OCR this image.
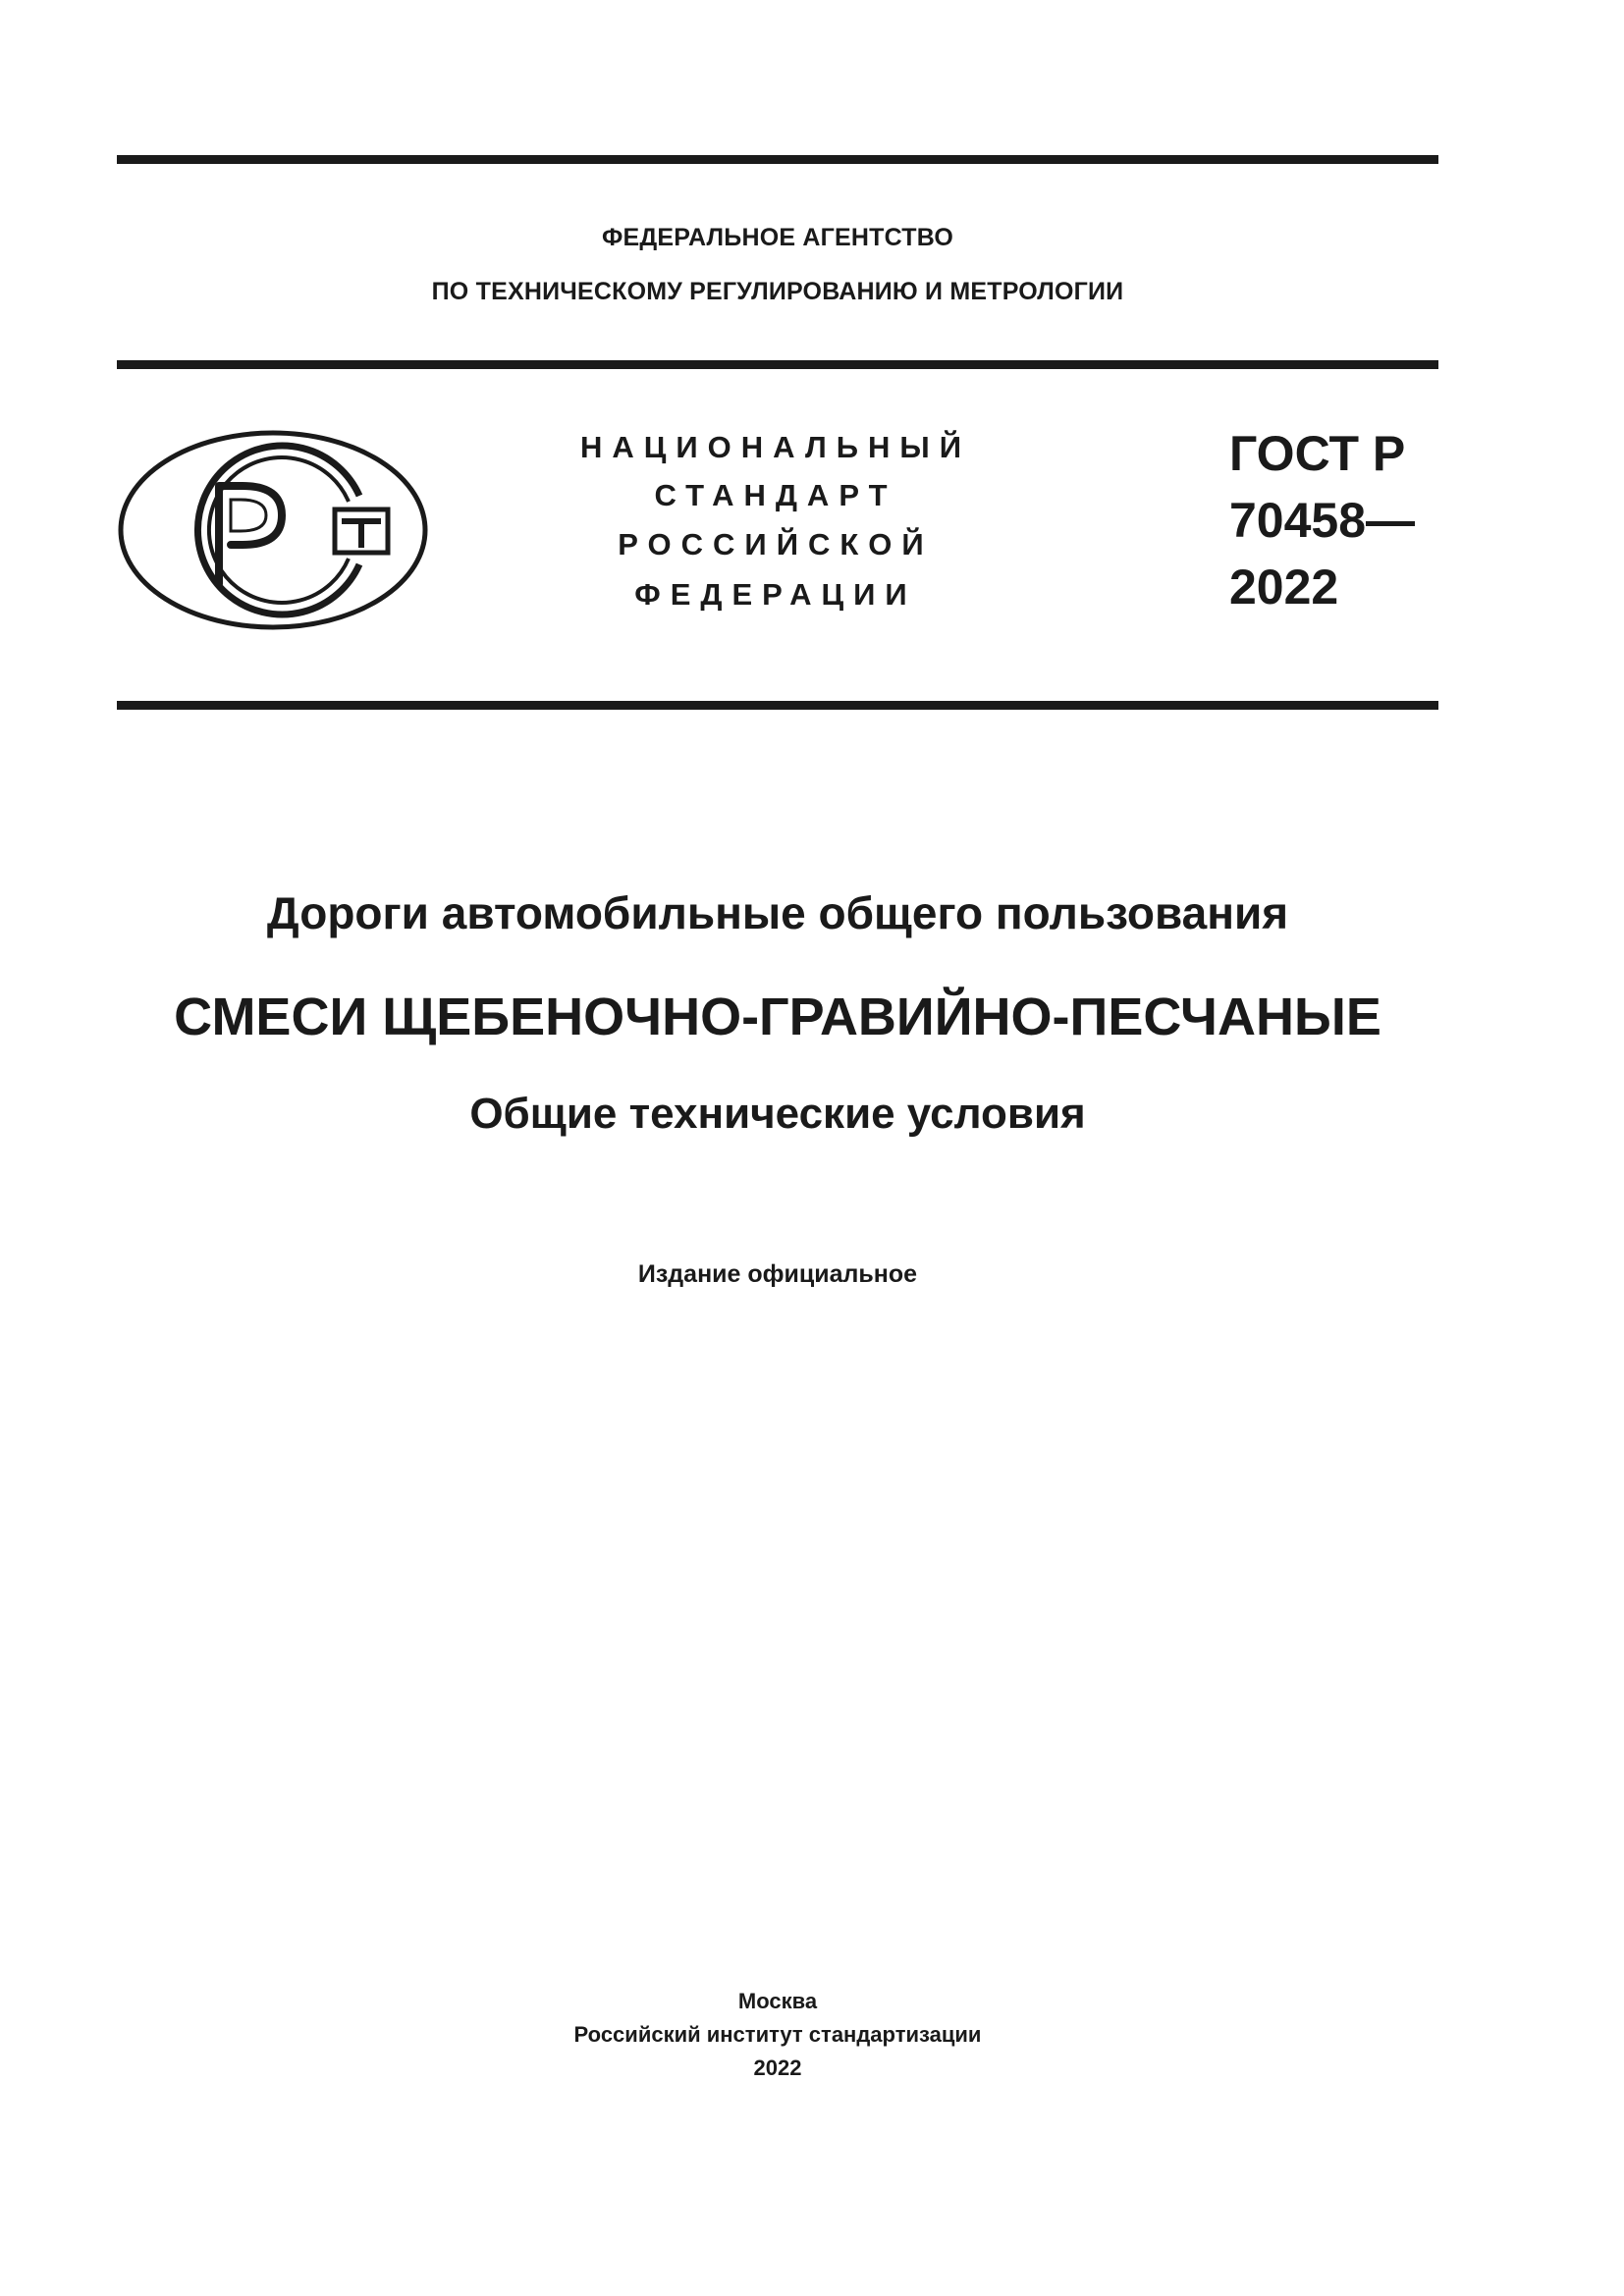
ФЕДЕРАЛЬНОЕ АГЕНТСТВО
ПО ТЕХНИЧЕСКОМУ РЕГУЛИРОВАНИЮ И МЕТРОЛОГИИ
НАЦИОНАЛЬНЫЙ
СТАНДАРТ
РОССИЙСКОЙ
ФЕДЕРАЦИИ
ГОСТ Р
70458—
2022
Дороги автомобильные общего пользования
СМЕСИ ЩЕБЕНОЧНО-ГРАВИЙНО-ПЕСЧАНЫЕ
Общие технические условия
Издание официальное
Москва
Российский институт стандартизации
2022
